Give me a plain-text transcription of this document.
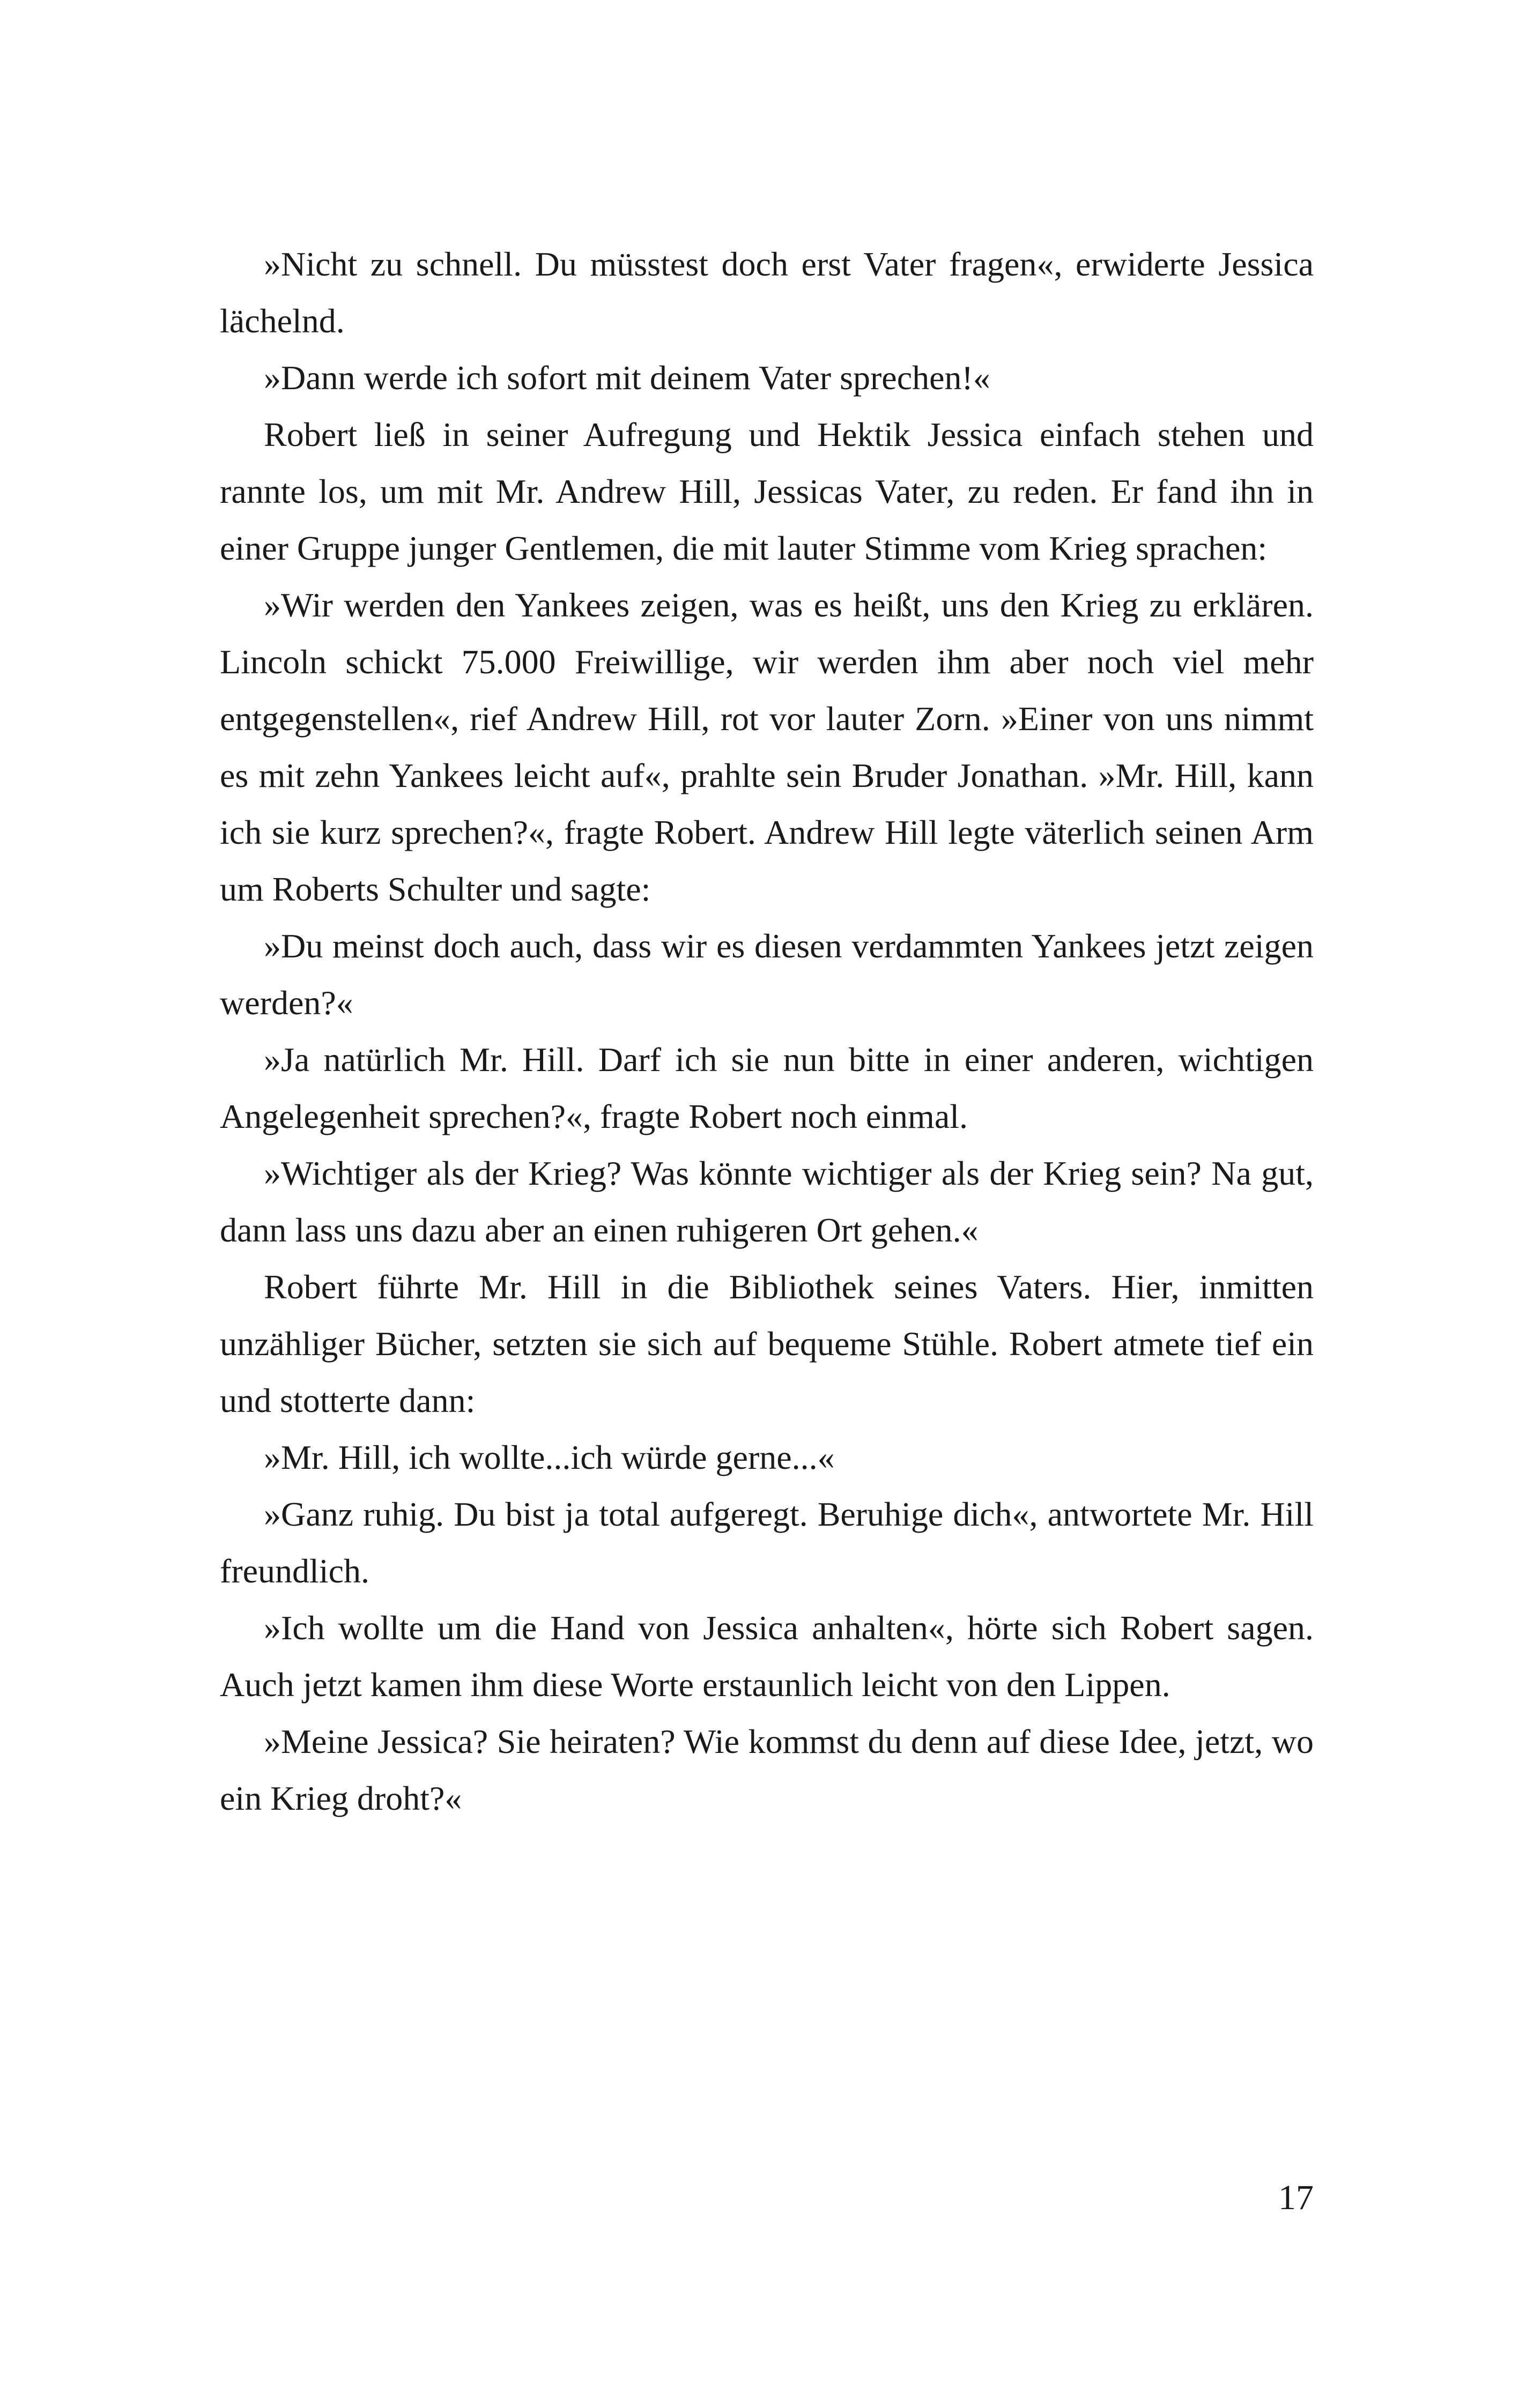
»Nicht zu schnell. Du müsstest doch erst Vater fragen«, erwiderte Jessica lächelnd.

»Dann werde ich sofort mit deinem Vater sprechen!«

Robert ließ in seiner Aufregung und Hektik Jessica einfach stehen und rannte los, um mit Mr. Andrew Hill, Jessicas Vater, zu reden. Er fand ihn in einer Gruppe junger Gentlemen, die mit lauter Stimme vom Krieg sprachen:

»Wir werden den Yankees zeigen, was es heißt, uns den Krieg zu erklären. Lincoln schickt 75.000 Freiwillige, wir werden ihm aber noch viel mehr entgegenstellen«, rief Andrew Hill, rot vor lauter Zorn. »Einer von uns nimmt es mit zehn Yankees leicht auf«, prahlte sein Bruder Jonathan. »Mr. Hill, kann ich sie kurz sprechen?«, fragte Robert. Andrew Hill legte väterlich seinen Arm um Roberts Schulter und sagte:

»Du meinst doch auch, dass wir es diesen verdammten Yankees jetzt zeigen werden?«

»Ja natürlich Mr. Hill. Darf ich sie nun bitte in einer anderen, wichtigen Angelegenheit sprechen?«, fragte Robert noch einmal.

»Wichtiger als der Krieg? Was könnte wichtiger als der Krieg sein? Na gut, dann lass uns dazu aber an einen ruhigeren Ort gehen.«

Robert führte Mr. Hill in die Bibliothek seines Vaters. Hier, inmitten unzähliger Bücher, setzten sie sich auf bequeme Stühle. Robert atmete tief ein und stotterte dann:

»Mr. Hill, ich wollte...ich würde gerne...«

»Ganz ruhig. Du bist ja total aufgeregt. Beruhige dich«, antwortete Mr. Hill freundlich.

»Ich wollte um die Hand von Jessica anhalten«, hörte sich Robert sagen. Auch jetzt kamen ihm diese Worte erstaunlich leicht von den Lippen.

»Meine Jessica? Sie heiraten? Wie kommst du denn auf diese Idee, jetzt, wo ein Krieg droht?«

17
